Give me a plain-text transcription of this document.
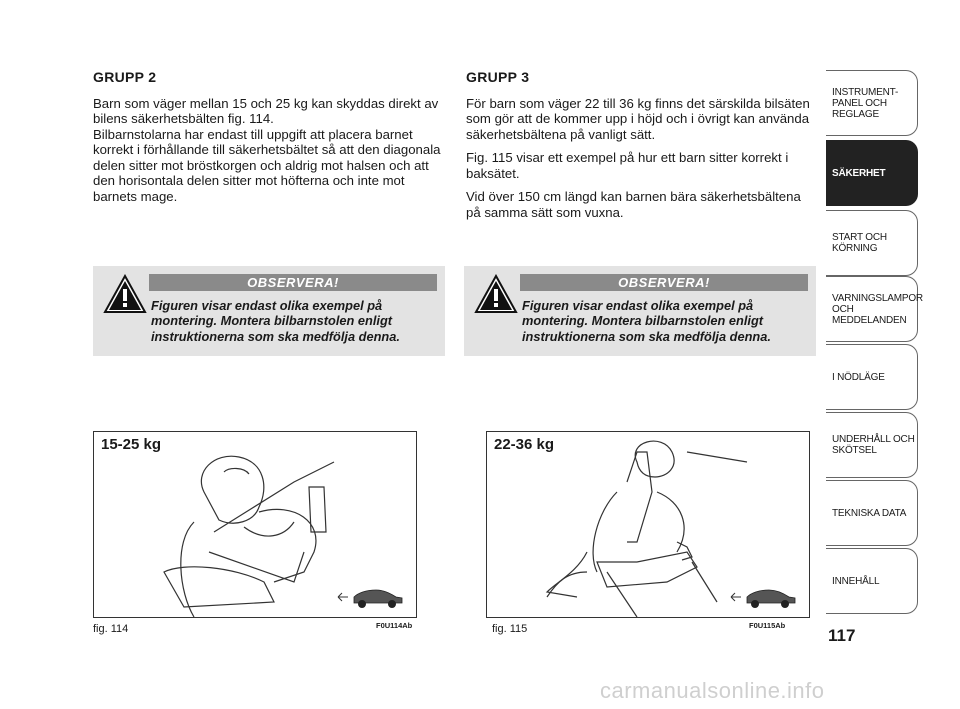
GRUPP 2

Barn som väger mellan 15 och 25 kg kan skyddas direkt av bilens säkerhetsbälten fig. 114.

Bilbarnstolarna har endast till uppgift att placera barnet korrekt i förhållande till säkerhetsbältet så att den diagonala delen sitter mot bröstkorgen och aldrig mot halsen och att den horisontala delen sitter mot höfterna och inte mot barnets mage.

GRUPP 3

För barn som väger 22 till 36 kg finns det särskilda bilsäten som gör att de kommer upp i höjd och i övrigt kan använda säkerhetsbältena på vanligt sätt.

Fig. 115 visar ett exempel på hur ett barn sitter korrekt i baksätet.

Vid över 150 cm längd kan barnen bära säkerhetsbältena på samma sätt som vuxna.

OBSERVERA!
Figuren visar endast olika exempel på
montering. Montera bilbarnstolen enligt instruktionerna som ska medfölja denna.
OBSERVERA!
Figuren visar endast olika exempel på
montering. Montera bilbarnstolen enligt instruktionerna som ska medfölja denna.
15-25 kg
fig. 114	F0U114Ab
22-36 kg
fig. 115	F0U115Ab
INSTRUMENT- PANEL OCH REGLAGE
SÄKERHET
START OCH KÖRNING
VARNINGSLAMPOR OCH MEDDELANDEN
I NÖDLÄGE
UNDERHÅLL OCH SKÖTSEL
TEKNISKA DATA
INNEHÅLL
117
carmanualsonline.info
